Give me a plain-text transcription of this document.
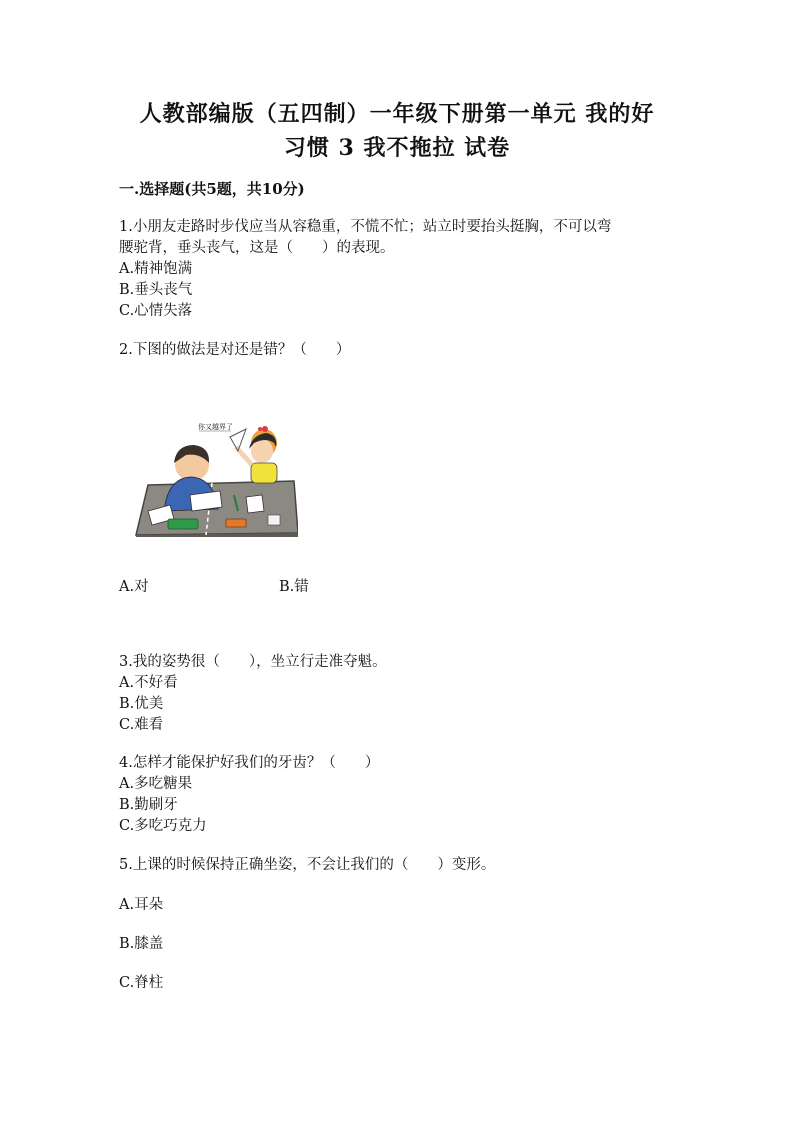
人教部编版（五四制）一年级下册第一单元 我的好
习惯 3 我不拖拉 试卷
一.选择题(共5题，共10分)
1.小朋友走路时步伐应当从容稳重，不慌不忙；站立时要抬头挺胸，不可以弯
腰驼背，垂头丧气，这是（　　）的表现。
A.精神饱满
B.垂头丧气
C.心情失落
2.下图的做法是对还是错？（　　）
你又越界了
A.对	B.错
3.我的姿势很（　　），坐立行走准夺魁。
A.不好看
B.优美
C.难看
4.怎样才能保护好我们的牙齿？（　　）
A.多吃糖果
B.勤刷牙
C.多吃巧克力
5.上课的时候保持正确坐姿，不会让我们的（　　）变形。
A.耳朵
B.膝盖
C.脊柱
